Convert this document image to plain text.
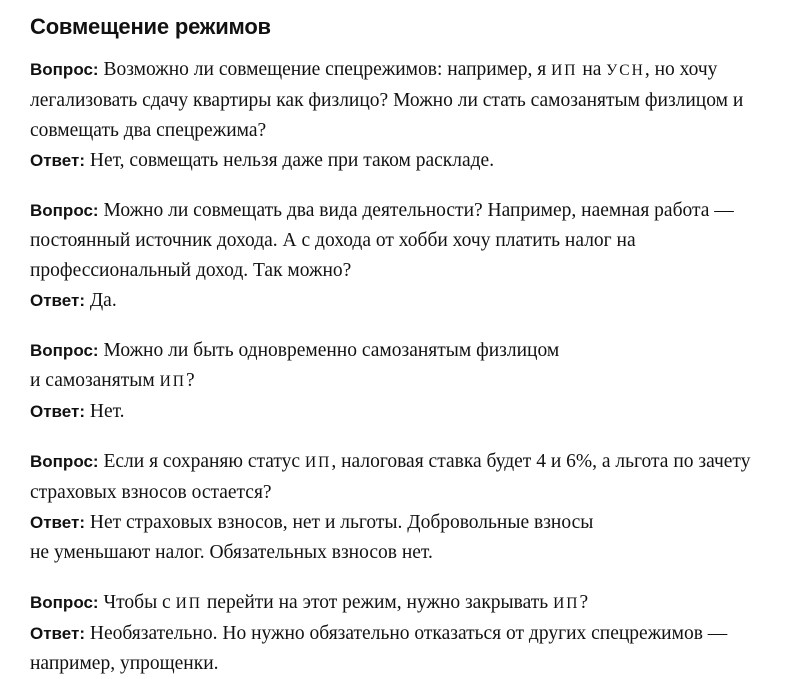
Совмещение режимов

Вопрос: Возможно ли совмещение спецрежимов: например, я ИП на УСН, но хочу легализовать сдачу квартиры как физлицо? Можно ли стать самозанятым физлицом и совмещать два спецрежима?

Ответ: Нет, совмещать нельзя даже при таком раскладе.

Вопрос: Можно ли совмещать два вида деятельности? Например, наемная работа — постоянный источник дохода. А с дохода от хобби хочу платить налог на профессиональный доход. Так можно?

Ответ: Да.

Вопрос: Можно ли быть одновременно самозанятым физлицом
и самозанятым ИП?

Ответ: Нет.

Вопрос: Если я сохраняю статус ИП, налоговая ставка будет 4 и 6%, а льгота по зачету страховых взносов остается?

Ответ: Нет страховых взносов, нет и льготы. Добровольные взносы
не уменьшают налог. Обязательных взносов нет.

Вопрос: Чтобы с ИП перейти на этот режим, нужно закрывать ИП?

Ответ: Необязательно. Но нужно обязательно отказаться от других спецрежимов — например, упрощенки.
